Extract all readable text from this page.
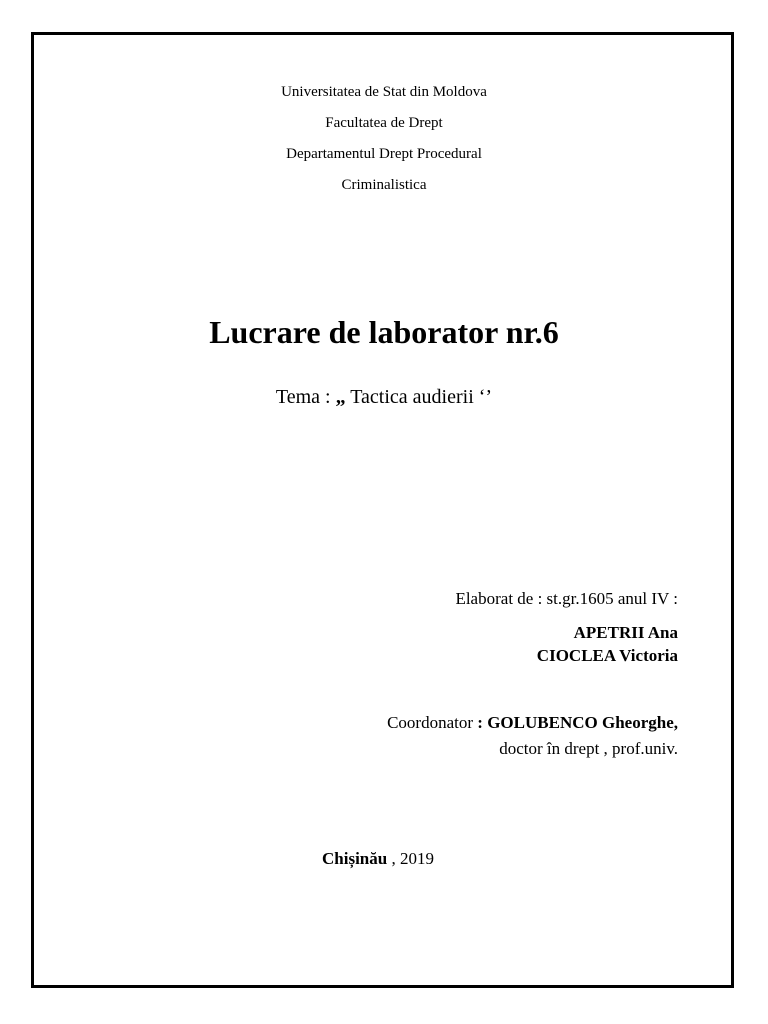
Universitatea de Stat din Moldova
Facultatea de Drept
Departamentul Drept Procedural
Criminalistica
Lucrare de laborator nr.6
Tema : „ Tactica audierii ‘’
Elaborat de : st.gr.1605 anul IV :
APETRII Ana
CIOCLEA Victoria
Coordonator : GOLUBENCO Gheorghe,
doctor în drept , prof.univ.
Chișinău , 2019
